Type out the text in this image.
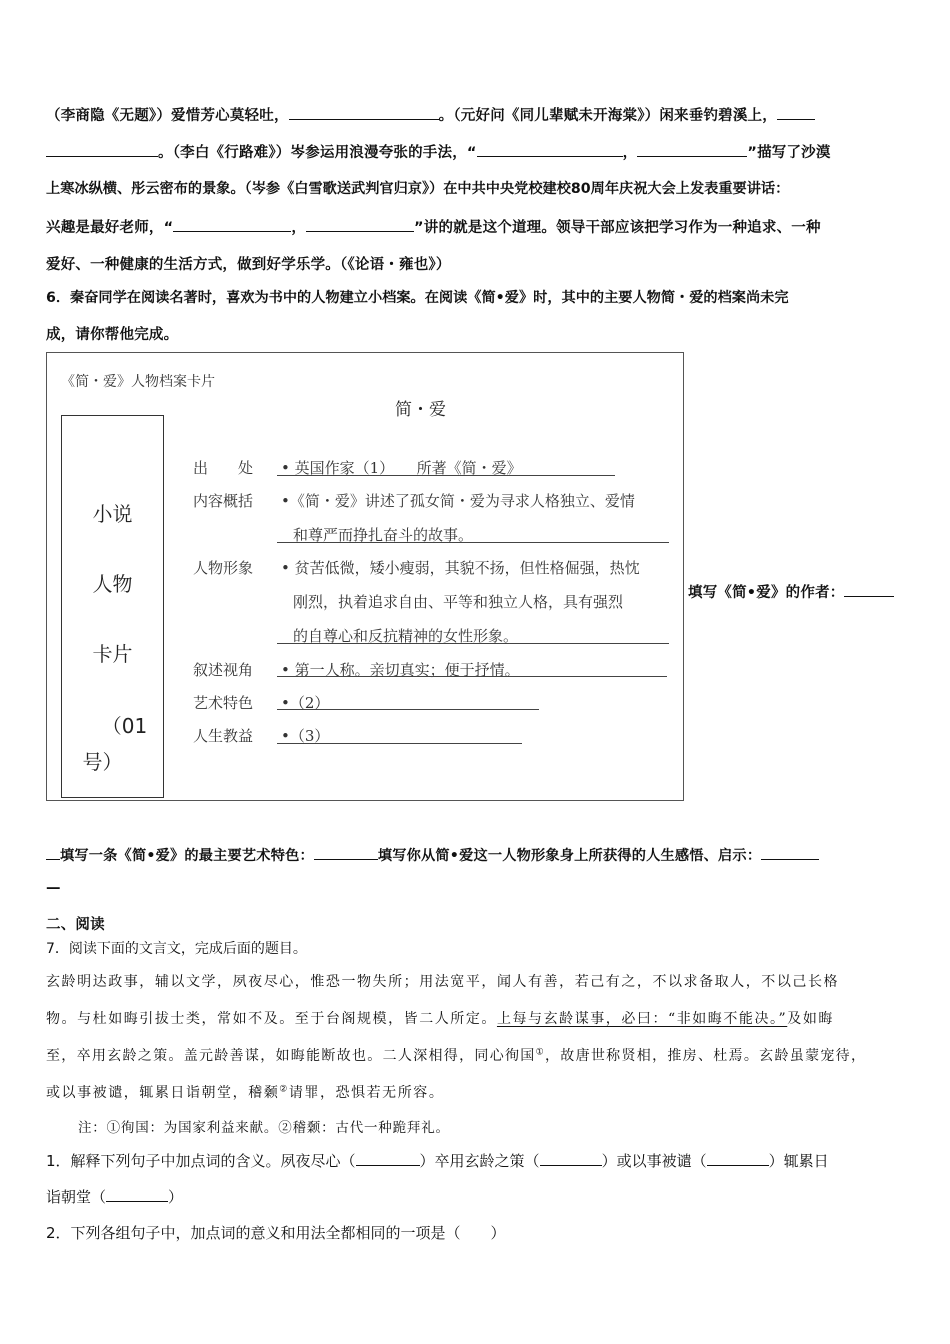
（李商隐《无题》）爱惜芳心莫轻吐，	。（元好问《同儿辈赋未开海棠》）闲来垂钓碧溪上，
。（李白《行路难》）岑参运用浪漫夸张的手法，“	，	”描写了沙漠
上寒冰纵横、彤云密布的景象。（岑参《白雪歌送武判官归京》）在中共中央党校建校80周年庆祝大会上发表重要讲话：
兴趣是最好老师，“	，	”讲的就是这个道理。领导干部应该把学习作为一种追求、一种
爱好、一种健康的生活方式，做到好学乐学。（《论语・雍也》）
6．秦奋同学在阅读名著时，喜欢为书中的人物建立小档案。在阅读《简•爱》时，其中的主要人物简・爱的档案尚未完
成，请你帮他完成。
《简・爱》人物档案卡片
简・爱
小说
人物
卡片
（01
号）
出　　处 • 英国作家（1）　　所著《简・爱》
内容概括 •《简・爱》讲述了孤女简・爱为寻求人格独立、爱情
和尊严而挣扎奋斗的故事。
人物形象 • 贫苦低微，矮小瘦弱，其貌不扬，但性格倔强，热忱
刚烈，执着追求自由、平等和独立人格，具有强烈
的自尊心和反抗精神的女性形象。
叙述视角 • 第一人称。亲切真实；便于抒情。
艺术特色 •（2）
人生教益 •（3）
填写《简•爱》的作者：
填写一条《简•爱》的最主要艺术特色：	填写你从简•爱这一人物形象身上所获得的人生感悟、启示：
—
二、阅读
7．阅读下面的文言文，完成后面的题目。
玄龄明达政事，辅以文学，夙夜尽心，惟恐一物失所；用法宽平，闻人有善，若己有之，不以求备取人，不以己长格
物。与杜如晦引拔士类，常如不及。至于台阁规模，皆二人所定。上每与玄龄谋事，必曰：“非如晦不能决。”及如晦
至，卒用玄龄之策。盖元龄善谋，如晦能断故也。二人深相得，同心徇国①，故唐世称贤相，推房、杜焉。玄龄虽蒙宠待，
或以事被谴，辄累日诣朝堂，稽颡②请罪，恐惧若无所容。
注：①徇国：为国家利益来献。②稽颡：古代一种跪拜礼。
1．解释下列句子中加点词的含义。夙夜尽心（	）卒用玄龄之策（	）或以事被谴（	）辄累日
诣朝堂（	）
2．下列各组句子中，加点词的意义和用法全都相同的一项是（　　）
